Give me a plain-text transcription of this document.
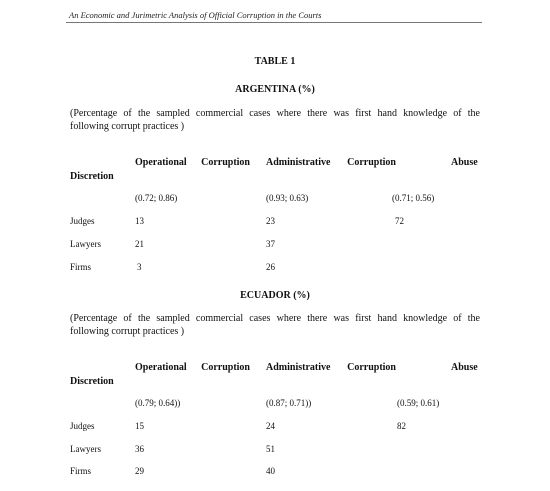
An Economic and Jurimetric Analysis of Official Corruption in the Courts
TABLE 1
ARGENTINA (%)
(Percentage of the sampled commercial cases where there was first hand knowledge of the
following corrupt practices )
Operational Corruption Administrative Corruption	Abuse
Discretion
(0.72; 0.86)	(0.93; 0.63)	(0.71; 0.56)
Judges	13	23	72
Lawyers	21	37
Firms	3	26
ECUADOR (%)
(Percentage of the sampled commercial cases where there was first hand knowledge of the
following corrupt practices )
Operational Corruption Administrative Corruption	Abuse
Discretion
(0.79; 0.64))	(0.87; 0.71))	(0.59; 0.61)
Judges	15	24	82
Lawyers	36	51
Firms	29	40
